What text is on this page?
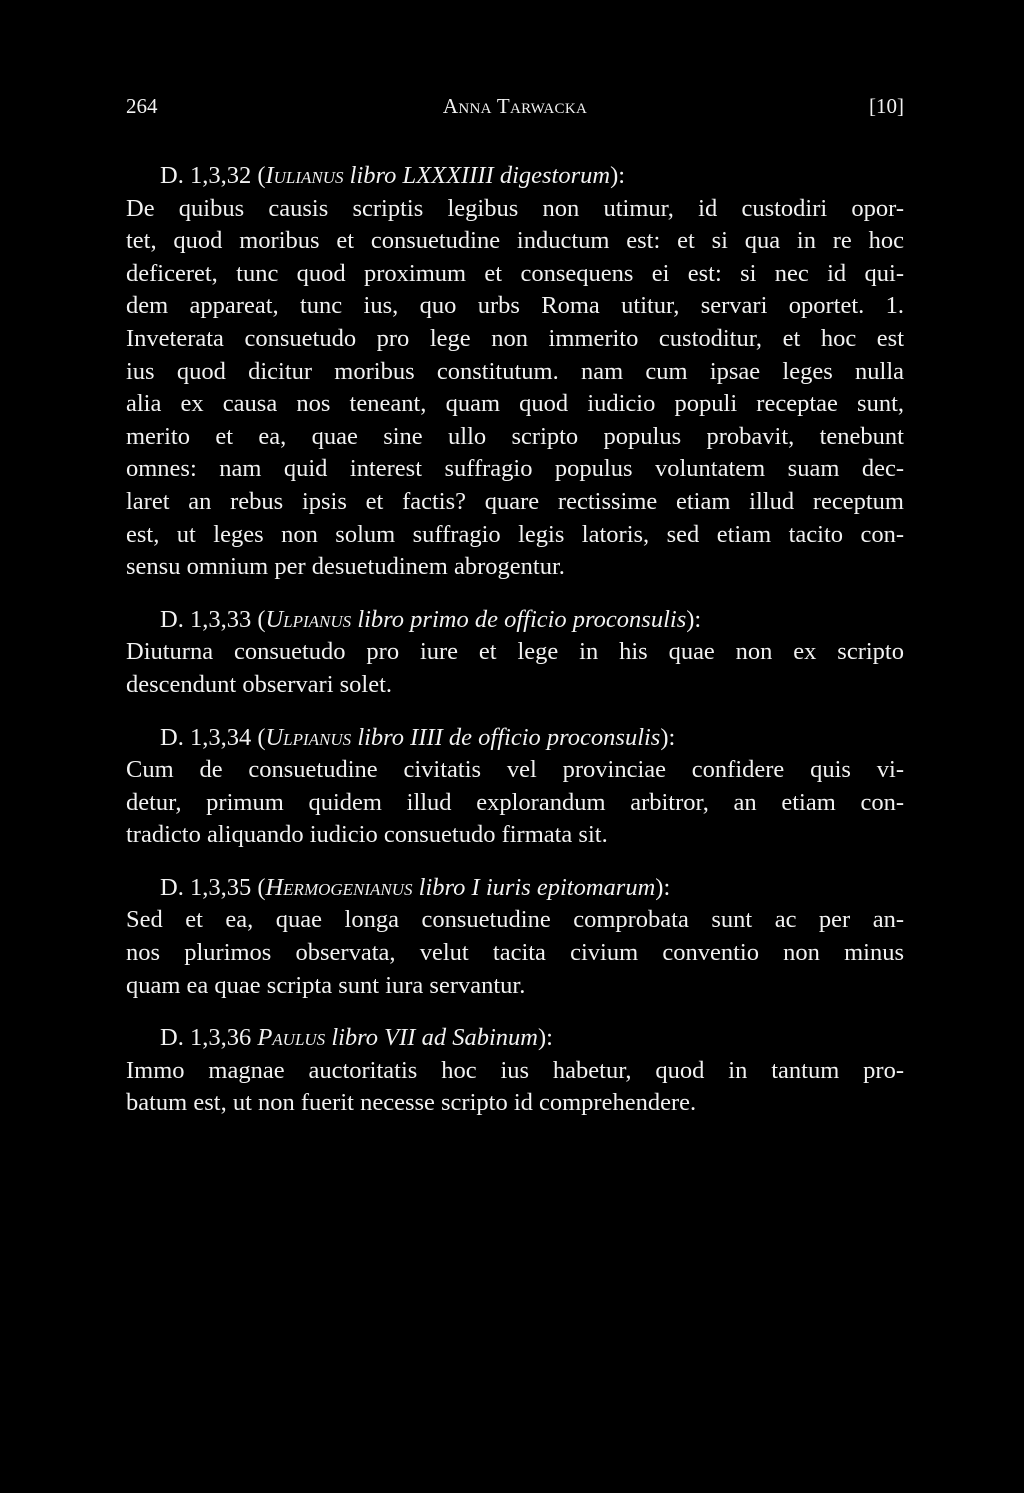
264	Anna Tarwacka	[10]
D. 1,3,32 (Iulianus libro LXXXIIII digestorum):
De quibus causis scriptis legibus non utimur, id custodiri opor-
tet, quod moribus et consuetudine inductum est: et si qua in re hoc
deficeret, tunc quod proximum et consequens ei est: si nec id qui-
dem appareat, tunc ius, quo urbs Roma utitur, servari oportet. 1.
Inveterata consuetudo pro lege non immerito custoditur, et hoc est
ius quod dicitur moribus constitutum. nam cum ipsae leges nulla
alia ex causa nos teneant, quam quod iudicio populi receptae sunt,
merito et ea, quae sine ullo scripto populus probavit, tenebunt
omnes: nam quid interest suffragio populus voluntatem suam dec-
laret an rebus ipsis et factis? quare rectissime etiam illud receptum
est, ut leges non solum suffragio legis latoris, sed etiam tacito con-
sensu omnium per desuetudinem abrogentur.
D. 1,3,33 (Ulpianus libro primo de officio proconsulis):
Diuturna consuetudo pro iure et lege in his quae non ex scripto
descendunt observari solet.
D. 1,3,34 (Ulpianus libro IIII de officio proconsulis):
Cum de consuetudine civitatis vel provinciae confidere quis vi-
detur, primum quidem illud explorandum arbitror, an etiam con-
tradicto aliquando iudicio consuetudo firmata sit.
D. 1,3,35 (Hermogenianus libro I iuris epitomarum):
Sed et ea, quae longa consuetudine comprobata sunt ac per an-
nos plurimos observata, velut tacita civium conventio non minus
quam ea quae scripta sunt iura servantur.
D. 1,3,36 Paulus libro VII ad Sabinum):
Immo magnae auctoritatis hoc ius habetur, quod in tantum pro-
batum est, ut non fuerit necesse scripto id comprehendere.
